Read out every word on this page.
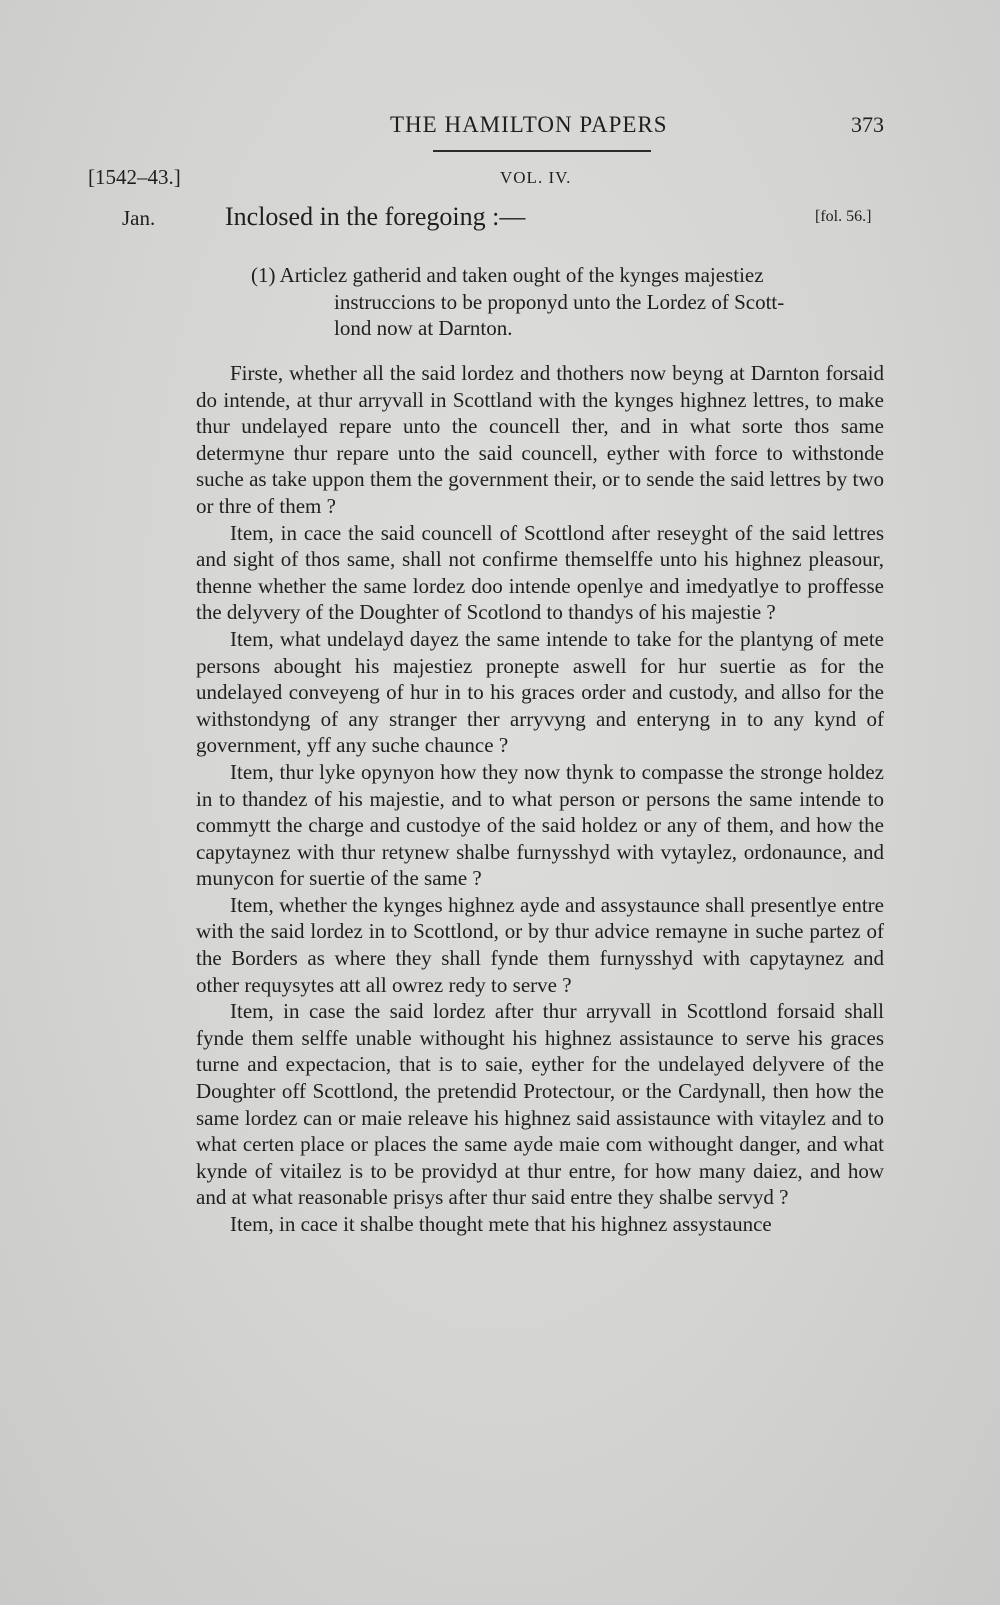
THE HAMILTON PAPERS	373
[1542–43.]	VOL. IV.
Jan.	Inclosed in the foregoing :—	[fol. 56.]
(1) Articlez gatherid and taken ought of the kynges majestiez
instruccions to be proponyd unto the Lordez of Scott-
lond now at Darnton.

Firste, whether all the said lordez and thothers now beyng at Darnton forsaid do intende, at thur arryvall in Scottland with the kynges highnez lettres, to make thur undelayed repare unto the councell ther, and in what sorte thos same determyne thur repare unto the said councell, eyther with force to withstonde suche as take uppon them the government their, or to sende the said lettres by two or thre of them ?

Item, in cace the said councell of Scottlond after reseyght of the said lettres and sight of thos same, shall not confirme themselffe unto his highnez pleasour, thenne whether the same lordez doo intende openlye and imedyatlye to proffesse the delyvery of the Doughter of Scotlond to thandys of his majestie ?

Item, what undelayd dayez the same intende to take for the plantyng of mete persons abought his majestiez pronepte aswell for hur suertie as for the undelayed conveyeng of hur in to his graces order and custody, and allso for the withstondyng of any stranger ther arryvyng and enteryng in to any kynd of government, yff any suche chaunce ?

Item, thur lyke opynyon how they now thynk to compasse the stronge holdez in to thandez of his majestie, and to what person or persons the same intende to commytt the charge and custodye of the said holdez or any of them, and how the capytaynez with thur retynew shalbe furnysshyd with vytaylez, ordonaunce, and munycon for suertie of the same ?

Item, whether the kynges highnez ayde and assystaunce shall presentlye entre with the said lordez in to Scottlond, or by thur advice remayne in suche partez of the Borders as where they shall fynde them furnysshyd with capytaynez and other requysytes att all owrez redy to serve ?

Item, in case the said lordez after thur arryvall in Scottlond forsaid shall fynde them selffe unable withought his highnez assistaunce to serve his graces turne and expectacion, that is to saie, eyther for the undelayed delyvere of the Doughter off Scottlond, the pretendid Protectour, or the Cardynall, then how the same lordez can or maie releave his highnez said assistaunce with vitaylez and to what certen place or places the same ayde maie com withought danger, and what kynde of vitailez is to be providyd at thur entre, for how many daiez, and how and at what reasonable prisys after thur said entre they shalbe servyd ?

Item, in cace it shalbe thought mete that his highnez assystaunce
